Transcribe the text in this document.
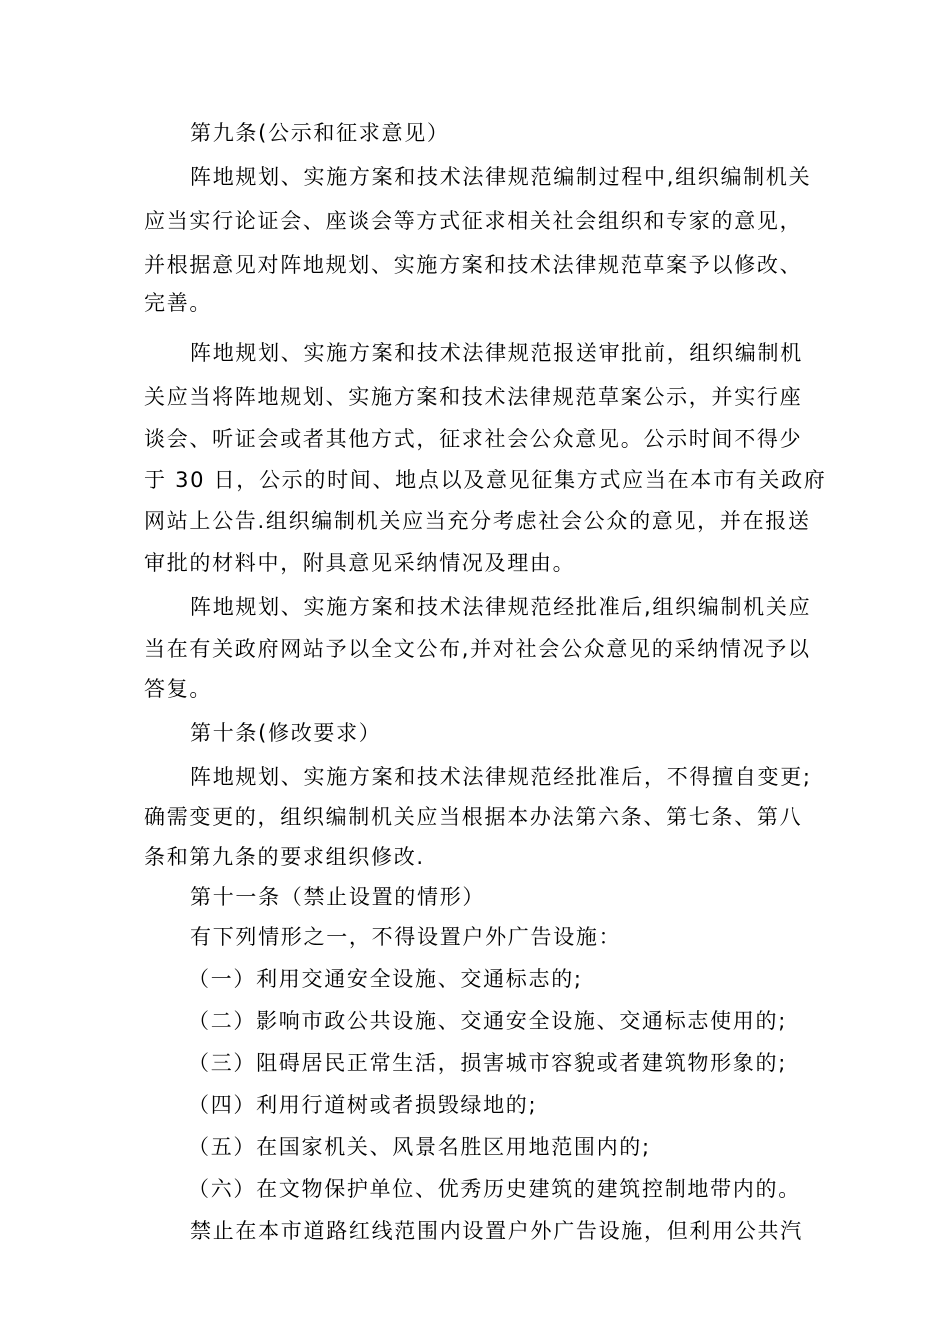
第九条(公示和征求意见）
阵地规划、实施方案和技术法律规范编制过程中,组织编制机关
应当实行论证会、座谈会等方式征求相关社会组织和专家的意见，
并根据意见对阵地规划、实施方案和技术法律规范草案予以修改、
完善。
阵地规划、实施方案和技术法律规范报送审批前，组织编制机
关应当将阵地规划、实施方案和技术法律规范草案公示，并实行座
谈会、听证会或者其他方式，征求社会公众意见。公示时间不得少
于 30 日，公示的时间、地点以及意见征集方式应当在本市有关政府
网站上公告.组织编制机关应当充分考虑社会公众的意见，并在报送
审批的材料中，附具意见采纳情况及理由。
阵地规划、实施方案和技术法律规范经批准后,组织编制机关应
当在有关政府网站予以全文公布,并对社会公众意见的采纳情况予以
答复。
第十条(修改要求）
阵地规划、实施方案和技术法律规范经批准后，不得擅自变更;
确需变更的，组织编制机关应当根据本办法第六条、第七条、第八
条和第九条的要求组织修改.
第十一条（禁止设置的情形）
有下列情形之一，不得设置户外广告设施：
（一）利用交通安全设施、交通标志的;
（二）影响市政公共设施、交通安全设施、交通标志使用的;
（三）阻碍居民正常生活，损害城市容貌或者建筑物形象的;
（四）利用行道树或者损毁绿地的;
（五）在国家机关、风景名胜区用地范围内的;
（六）在文物保护单位、优秀历史建筑的建筑控制地带内的。
禁止在本市道路红线范围内设置户外广告设施，但利用公共汽
